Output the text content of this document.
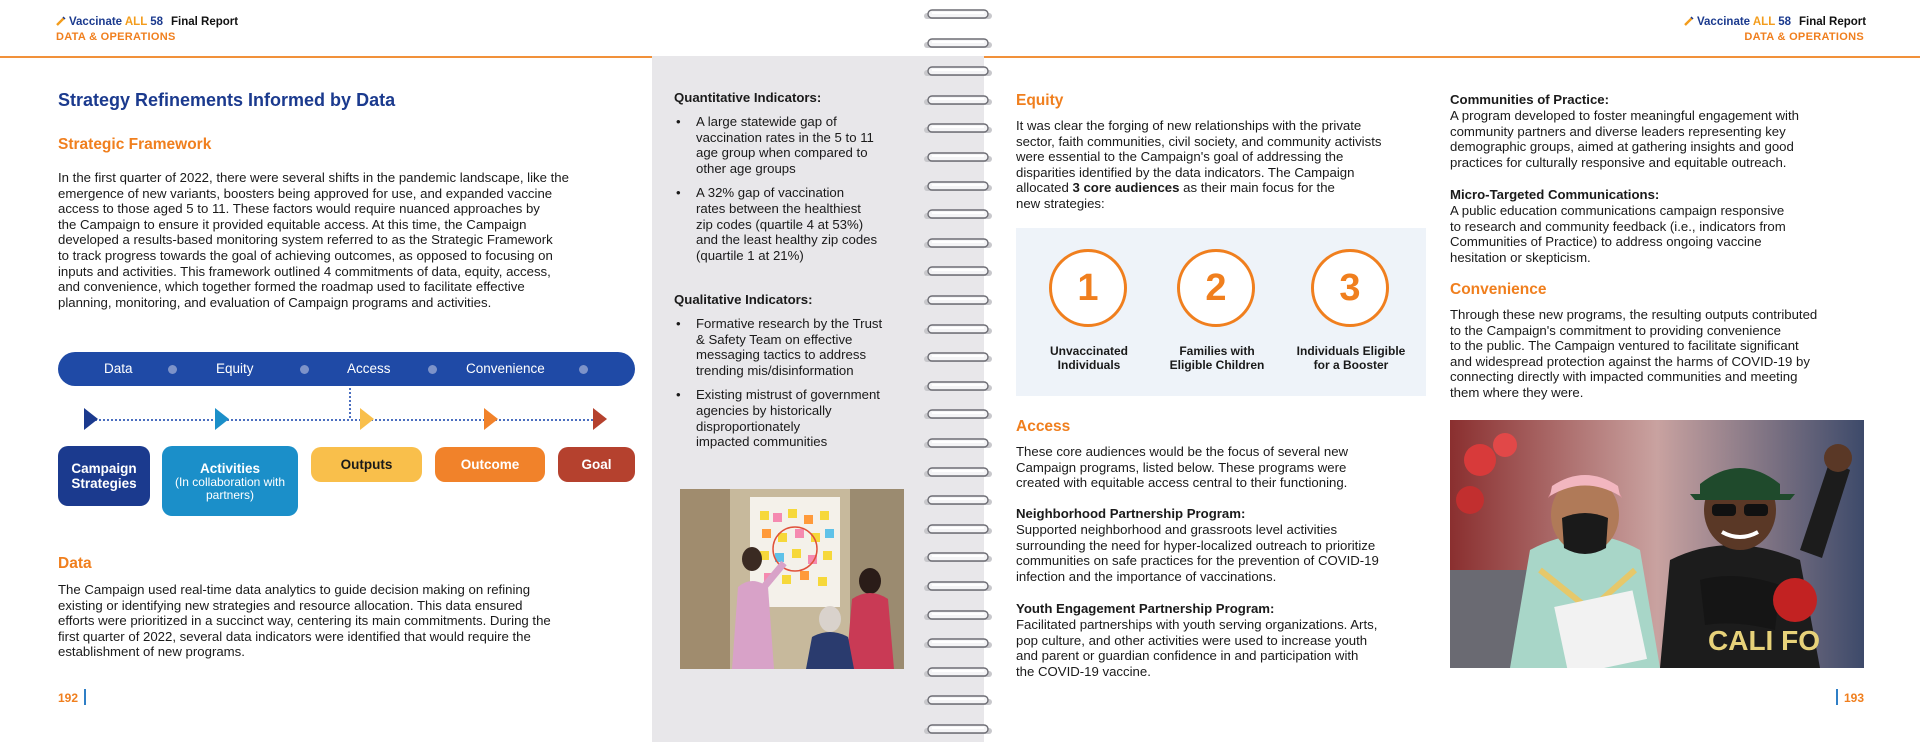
Vaccinate ALL 58 Final Report
DATA & OPERATIONS
Strategy Refinements Informed by Data
Strategic Framework
In the first quarter of 2022, there were several shifts in the pandemic landscape, like the
emergence of new variants, boosters being approved for use, and expanded vaccine
access to those aged 5 to 11. These factors would require nuanced approaches by
the Campaign to ensure it provided equitable access. At this time, the Campaign
developed a results-based monitoring system referred to as the Strategic Framework
to track progress towards the goal of achieving outcomes, as opposed to focusing on
inputs and activities. This framework outlined 4 commitments of data, equity, access,
and convenience, which together formed the roadmap used to facilitate effective
planning, monitoring, and evaluation of Campaign programs and activities.
Data	Equity	Access	Convenience
Campaign
Strategies
Activities
(In collaboration with partners)
Outputs	Outcome	Goal
Data
The Campaign used real-time data analytics to guide decision making on refining
existing or identifying new strategies and resource allocation. This data ensured
efforts were prioritized in a succinct way, centering its main commitments. During the
first quarter of 2022, several data indicators were identified that would require the
establishment of new programs.
192
Quantitative Indicators:
• A large statewide gap of
vaccination rates in the 5 to 11
age group when compared to
other age groups
• A 32% gap of vaccination
rates between the healthiest
zip codes (quartile 4 at 53%)
and the least healthy zip codes
(quartile 1 at 21%)
Qualitative Indicators:
• Formative research by the Trust
& Safety Team on effective
messaging tactics to address
trending mis/disinformation
• Existing mistrust of government
agencies by historically
disproportionately
impacted communities
Vaccinate ALL 58 Final Report
DATA & OPERATIONS
Equity
It was clear the forging of new relationships with the private
sector, faith communities, civil society, and community activists
were essential to the Campaign's goal of addressing the
disparities identified by the data indicators. The Campaign
allocated 3 core audiences as their main focus for the
new strategies:
1	2	3
Unvaccinated
Individuals
Families with
Eligible Children
Individuals Eligible
for a Booster
Access
These core audiences would be the focus of several new
Campaign programs, listed below. These programs were
created with equitable access central to their functioning.
Neighborhood Partnership Program:
Supported neighborhood and grassroots level activities
surrounding the need for hyper-localized outreach to prioritize
communities on safe practices for the prevention of COVID-19
infection and the importance of vaccinations.
Youth Engagement Partnership Program:
Facilitated partnerships with youth serving organizations. Arts,
pop culture, and other activities were used to increase youth
and parent or guardian confidence in and participation with
the COVID-19 vaccine.
Communities of Practice:
A program developed to foster meaningful engagement with
community partners and diverse leaders representing key
demographic groups, aimed at gathering insights and good
practices for culturally responsive and equitable outreach.
Micro-Targeted Communications:
A public education communications campaign responsive
to research and community feedback (i.e., indicators from
Communities of Practice) to address ongoing vaccine
hesitation or skepticism.
Convenience
Through these new programs, the resulting outputs contributed
to the Campaign's commitment to providing convenience
to the public. The Campaign ventured to facilitate significant
and widespread protection against the harms of COVID-19 by
connecting directly with impacted communities and meeting
them where they were.
CALI FO
193
